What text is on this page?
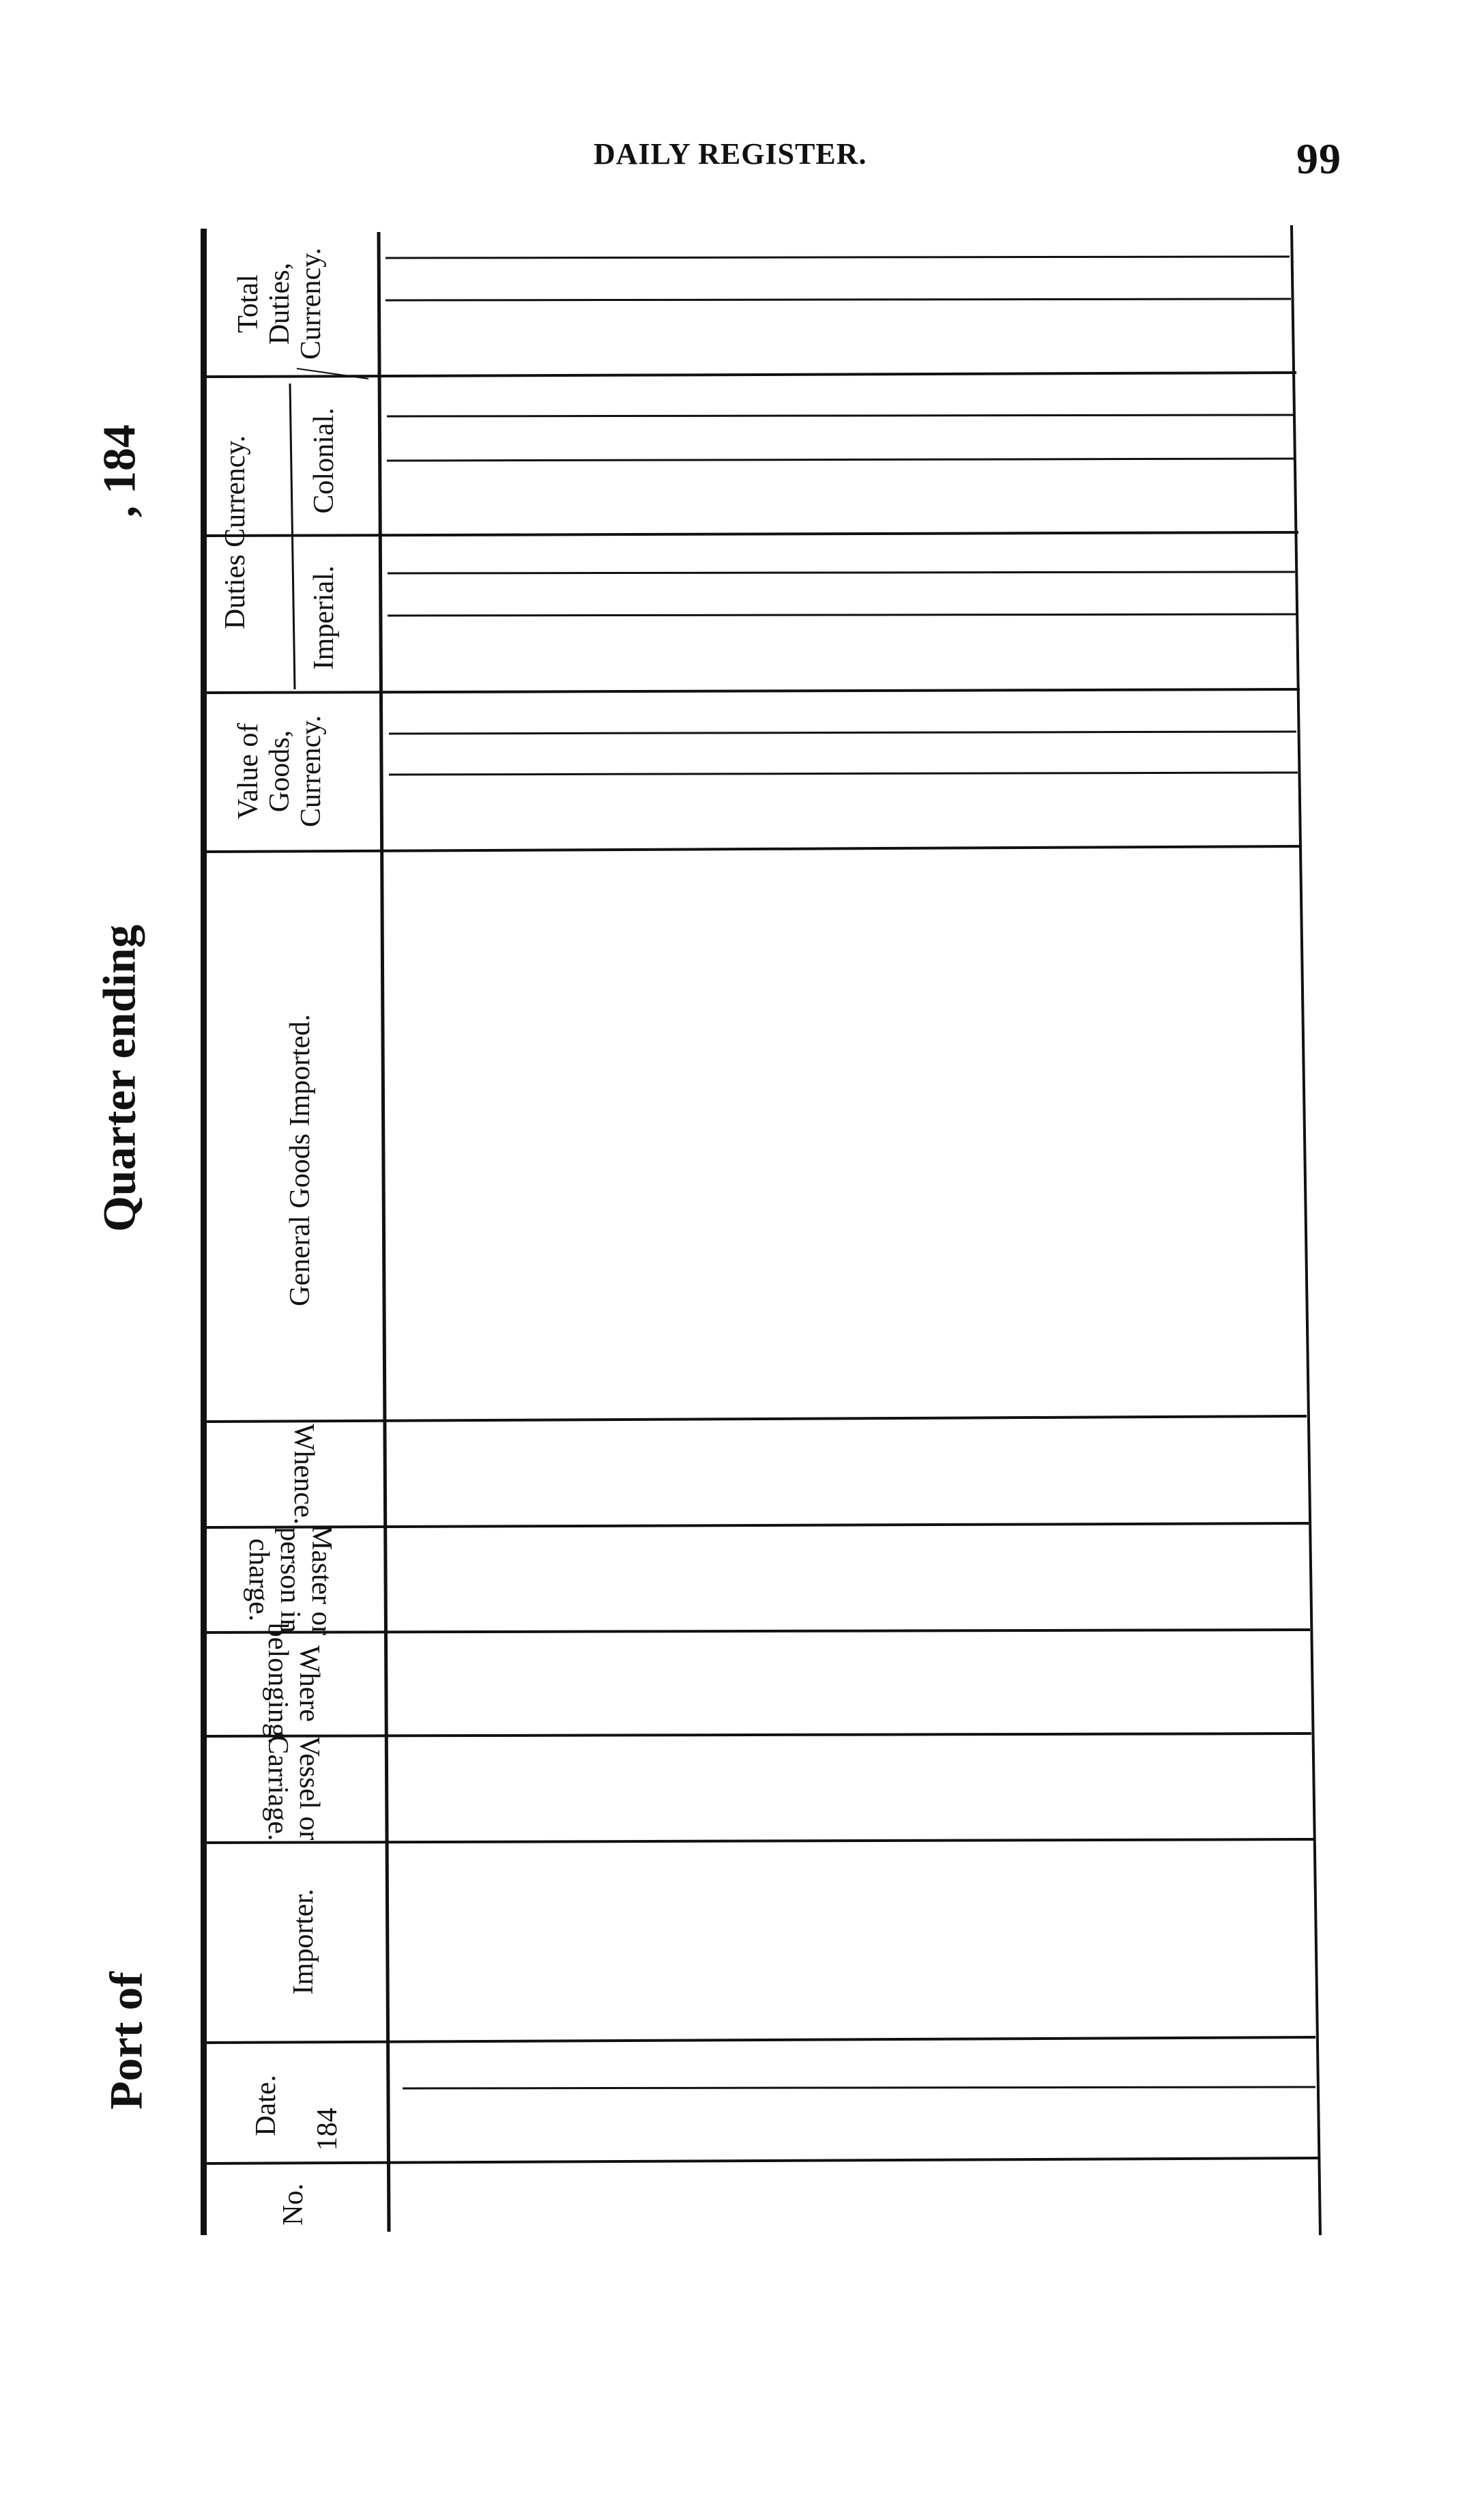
DAILY REGISTER.	99
, 184
Quarter ending
Port of
Total Duties, Currency.
Duties Currency. Colonial.
Imperial.
Value of Goods, Currency.
General Goods Imported.
Whence.
Master or
person in
charge.
Where
belonging.
Vessel or
Carriage.
Importer.
Date. 184
No.
